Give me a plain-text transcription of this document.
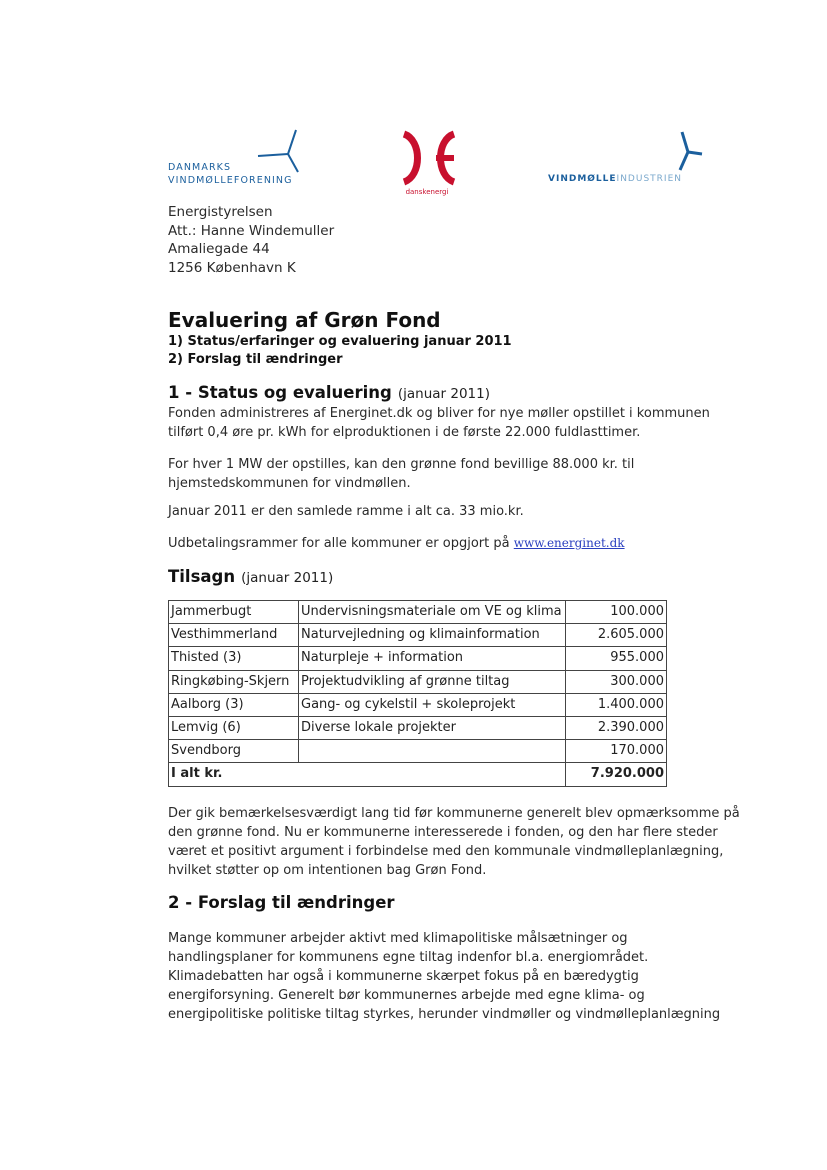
DANMARKS
VINDMØLLEFORENING
danskenergi
VINDMØLLEINDUSTRIEN
Energistyrelsen
Att.: Hanne Windemuller
Amaliegade 44
1256 København K
Evaluering af Grøn Fond
1) Status/erfaringer og evaluering januar 2011
2) Forslag til ændringer
1 - Status og evaluering (januar 2011)

Fonden administreres af Energinet.dk og bliver for nye møller opstillet i kommunen tilført 0,4 øre pr. kWh for elproduktionen i de første 22.000 fuldlasttimer.

For hver 1 MW der opstilles, kan den grønne fond bevillige 88.000 kr. til hjemstedskommunen for vindmøllen.

Januar 2011 er den samlede ramme i alt ca. 33 mio.kr.

Udbetalingsrammer for alle kommuner er opgjort på www.energinet.dk

Tilsagn (januar 2011)
Jammerbugt	Undervisningsmateriale om VE og klima	100.000
Vesthimmerland	Naturvejledning og klimainformation	2.605.000
Thisted (3)	Naturpleje + information	955.000
Ringkøbing-Skjern	Projektudvikling af grønne tiltag	300.000
Aalborg (3)	Gang- og cykelstil + skoleprojekt	1.400.000
Lemvig (6)	Diverse lokale projekter	2.390.000
Svendborg		170.000
I alt kr.		7.920.000

Der gik bemærkelsesværdigt lang tid før kommunerne generelt blev opmærksomme på den grønne fond. Nu er kommunerne interesserede i fonden, og den har flere steder været et positivt argument i forbindelse med den kommunale vindmølleplanlægning, hvilket støtter op om intentionen bag Grøn Fond.

2 - Forslag til ændringer

Mange kommuner arbejder aktivt med klimapolitiske målsætninger og handlingsplaner for kommunens egne tiltag indenfor bl.a. energiområdet. Klimadebatten har også i kommunerne skærpet fokus på en bæredygtig energiforsyning. Generelt bør kommunernes arbejde med egne klima- og energipolitiske politiske tiltag styrkes, herunder vindmøller og vindmølleplanlægning
